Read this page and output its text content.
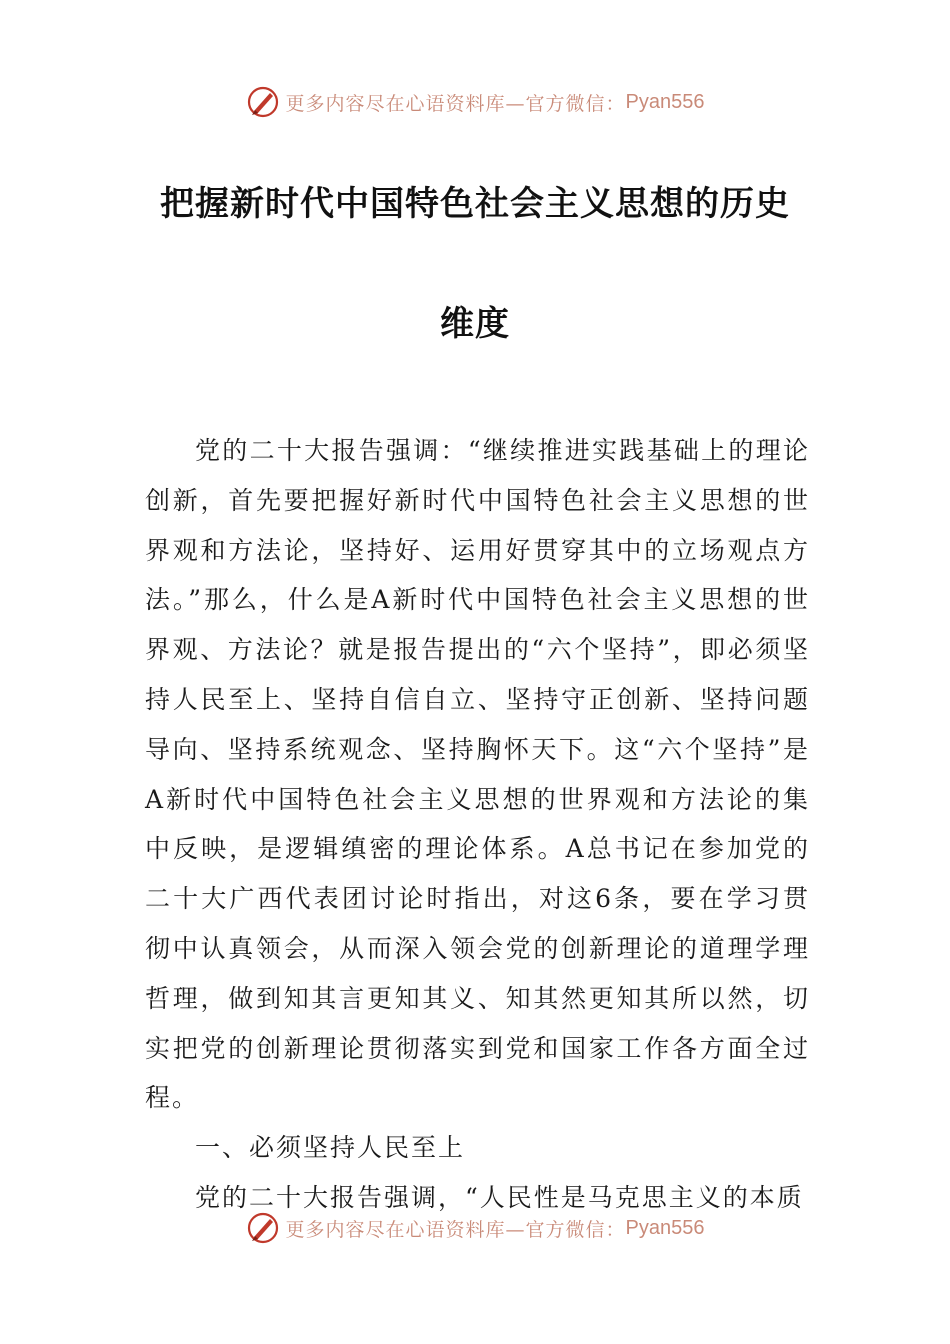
更多内容尽在心语资料库—官方微信： Pyan556
把握新时代中国特色社会主义思想的历史
维度

党的二十大报告强调：“继续推进实践基础上的理论创新，首先要把握好新时代中国特色社会主义思想的世界观和方法论，坚持好、运用好贯穿其中的立场观点方法。”那么，什么是A新时代中国特色社会主义思想的世界观、方法论？就是报告提出的“六个坚持”，即必须坚持人民至上、坚持自信自立、坚持守正创新、坚持问题导向、坚持系统观念、坚持胸怀天下。这“六个坚持”是A新时代中国特色社会主义思想的世界观和方法论的集中反映，是逻辑缜密的理论体系。A总书记在参加党的二十大广西代表团讨论时指出，对这6条，要在学习贯彻中认真领会，从而深入领会党的创新理论的道理学理哲理，做到知其言更知其义、知其然更知其所以然，切实把党的创新理论贯彻落实到党和国家工作各方面全过程。

一、必须坚持人民至上

党的二十大报告强调，“人民性是马克思主义的本质

更多内容尽在心语资料库—官方微信： Pyan556
